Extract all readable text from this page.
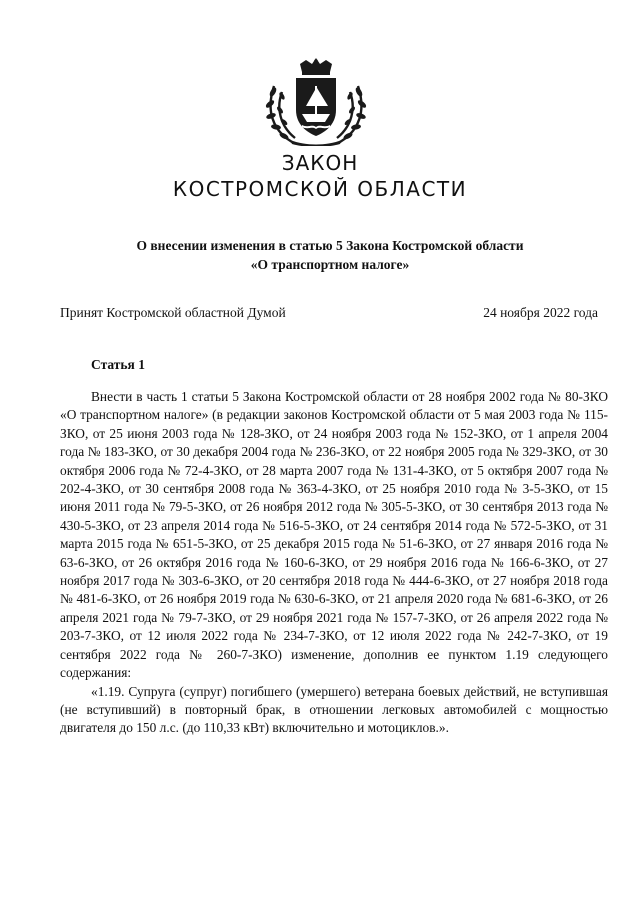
ЗАКОН
КОСТРОМСКОЙ ОБЛАСТИ
О внесении изменения в статью 5 Закона Костромской области
«О транспортном налоге»
Принят Костромской областной Думой	24 ноября 2022 года
Статья 1

Внести в часть 1 статьи 5 Закона Костромской области от 28 ноября 2002 года № 80-ЗКО «О транспортном налоге» (в редакции законов Костромской области от 5 мая 2003 года № 115-ЗКО, от 25 июня 2003 года № 128-ЗКО, от 24 ноября 2003 года № 152-ЗКО, от 1 апреля 2004 года № 183-ЗКО, от 30 декабря 2004 года № 236-ЗКО, от 22 ноября 2005 года № 329-ЗКО, от 30 октября 2006 года № 72-4-ЗКО, от 28 марта 2007 года № 131-4-ЗКО, от 5 октября 2007 года № 202-4-ЗКО, от 30 сентября 2008 года № 363-4-ЗКО, от 25 ноября 2010 года № 3-5-ЗКО, от 15 июня 2011 года № 79-5-ЗКО, от 26 ноября 2012 года № 305-5-ЗКО, от 30 сентября 2013 года № 430-5-ЗКО, от 23 апреля 2014 года № 516-5-ЗКО, от 24 сентября 2014 года № 572-5-ЗКО, от 31 марта 2015 года № 651-5-ЗКО, от 25 декабря 2015 года № 51-6-ЗКО, от 27 января 2016 года № 63-6-ЗКО, от 26 октября 2016 года № 160-6-ЗКО, от 29 ноября 2016 года № 166-6-ЗКО, от 27 ноября 2017 года № 303-6-ЗКО, от 20 сентября 2018 года № 444-6-ЗКО, от 27 ноября 2018 года № 481-6-ЗКО, от 26 ноября 2019 года № 630-6-ЗКО, от 21 апреля 2020 года № 681-6-ЗКО, от 26 апреля 2021 года № 79-7-ЗКО, от 29 ноября 2021 года № 157-7-ЗКО, от 26 апреля 2022 года № 203-7-ЗКО, от 12 июля 2022 года № 234-7-ЗКО, от 12 июля 2022 года № 242-7-ЗКО, от 19 сентября 2022 года № 260-7-ЗКО) изменение, дополнив ее пунктом 1.19 следующего содержания:

«1.19. Супруга (супруг) погибшего (умершего) ветерана боевых действий, не вступившая (не вступивший) в повторный брак, в отношении легковых автомобилей с мощностью двигателя до 150 л.с. (до 110,33 кВт) включительно и мотоциклов.».
